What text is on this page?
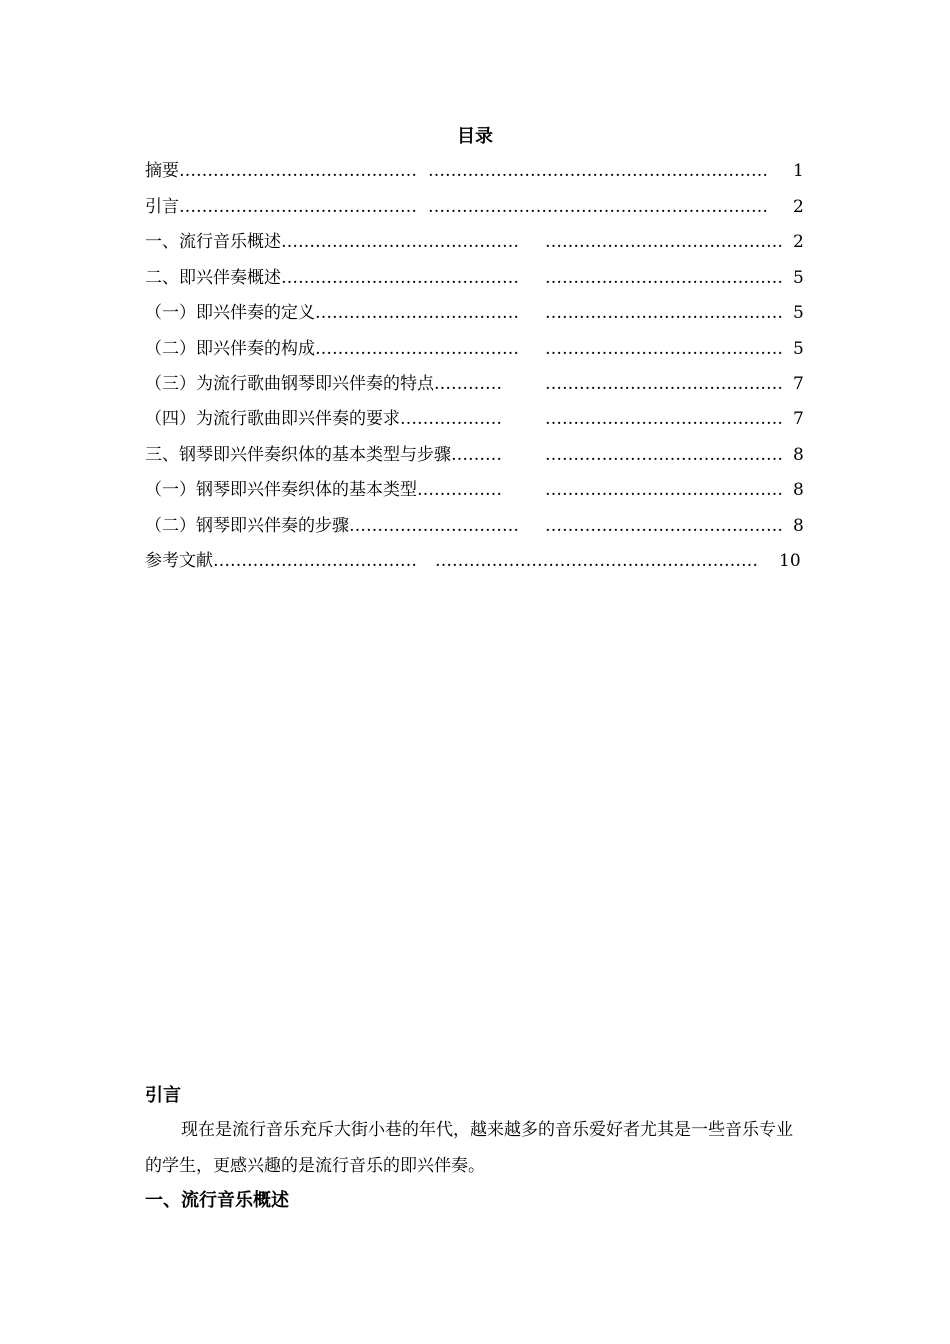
目录
摘要 …………………………………… ……………………………………………………	1
引言 …………………………………… ……………………………………………………	2
一、流行音乐概述 ……………………………………	…………………………………… 2
二、即兴伴奏概述 ……………………………………	…………………………………… 5
（一）即兴伴奏的定义 ………………………………	…………………………………… 5
（二）即兴伴奏的构成 ………………………………	…………………………………… 5
（三）为流行歌曲钢琴即兴伴奏的特点 …………	…………………………………… 7
（四）为流行歌曲即兴伴奏的要求 ………………	…………………………………… 7
三、钢琴即兴伴奏织体的基本类型与步骤 ………	…………………………………… 8
（一）钢琴即兴伴奏织体的基本类型 ……………	…………………………………… 8
（二）钢琴即兴伴奏的步骤 …………………………	…………………………………… 8
参考文献 ………………………………	…………………………………………………	10
引言
现在是流行音乐充斥大街小巷的年代，越来越多的音乐爱好者尤其是一些音乐专业的学生，更感兴趣的是流行音乐的即兴伴奏。
一、流行音乐概述
